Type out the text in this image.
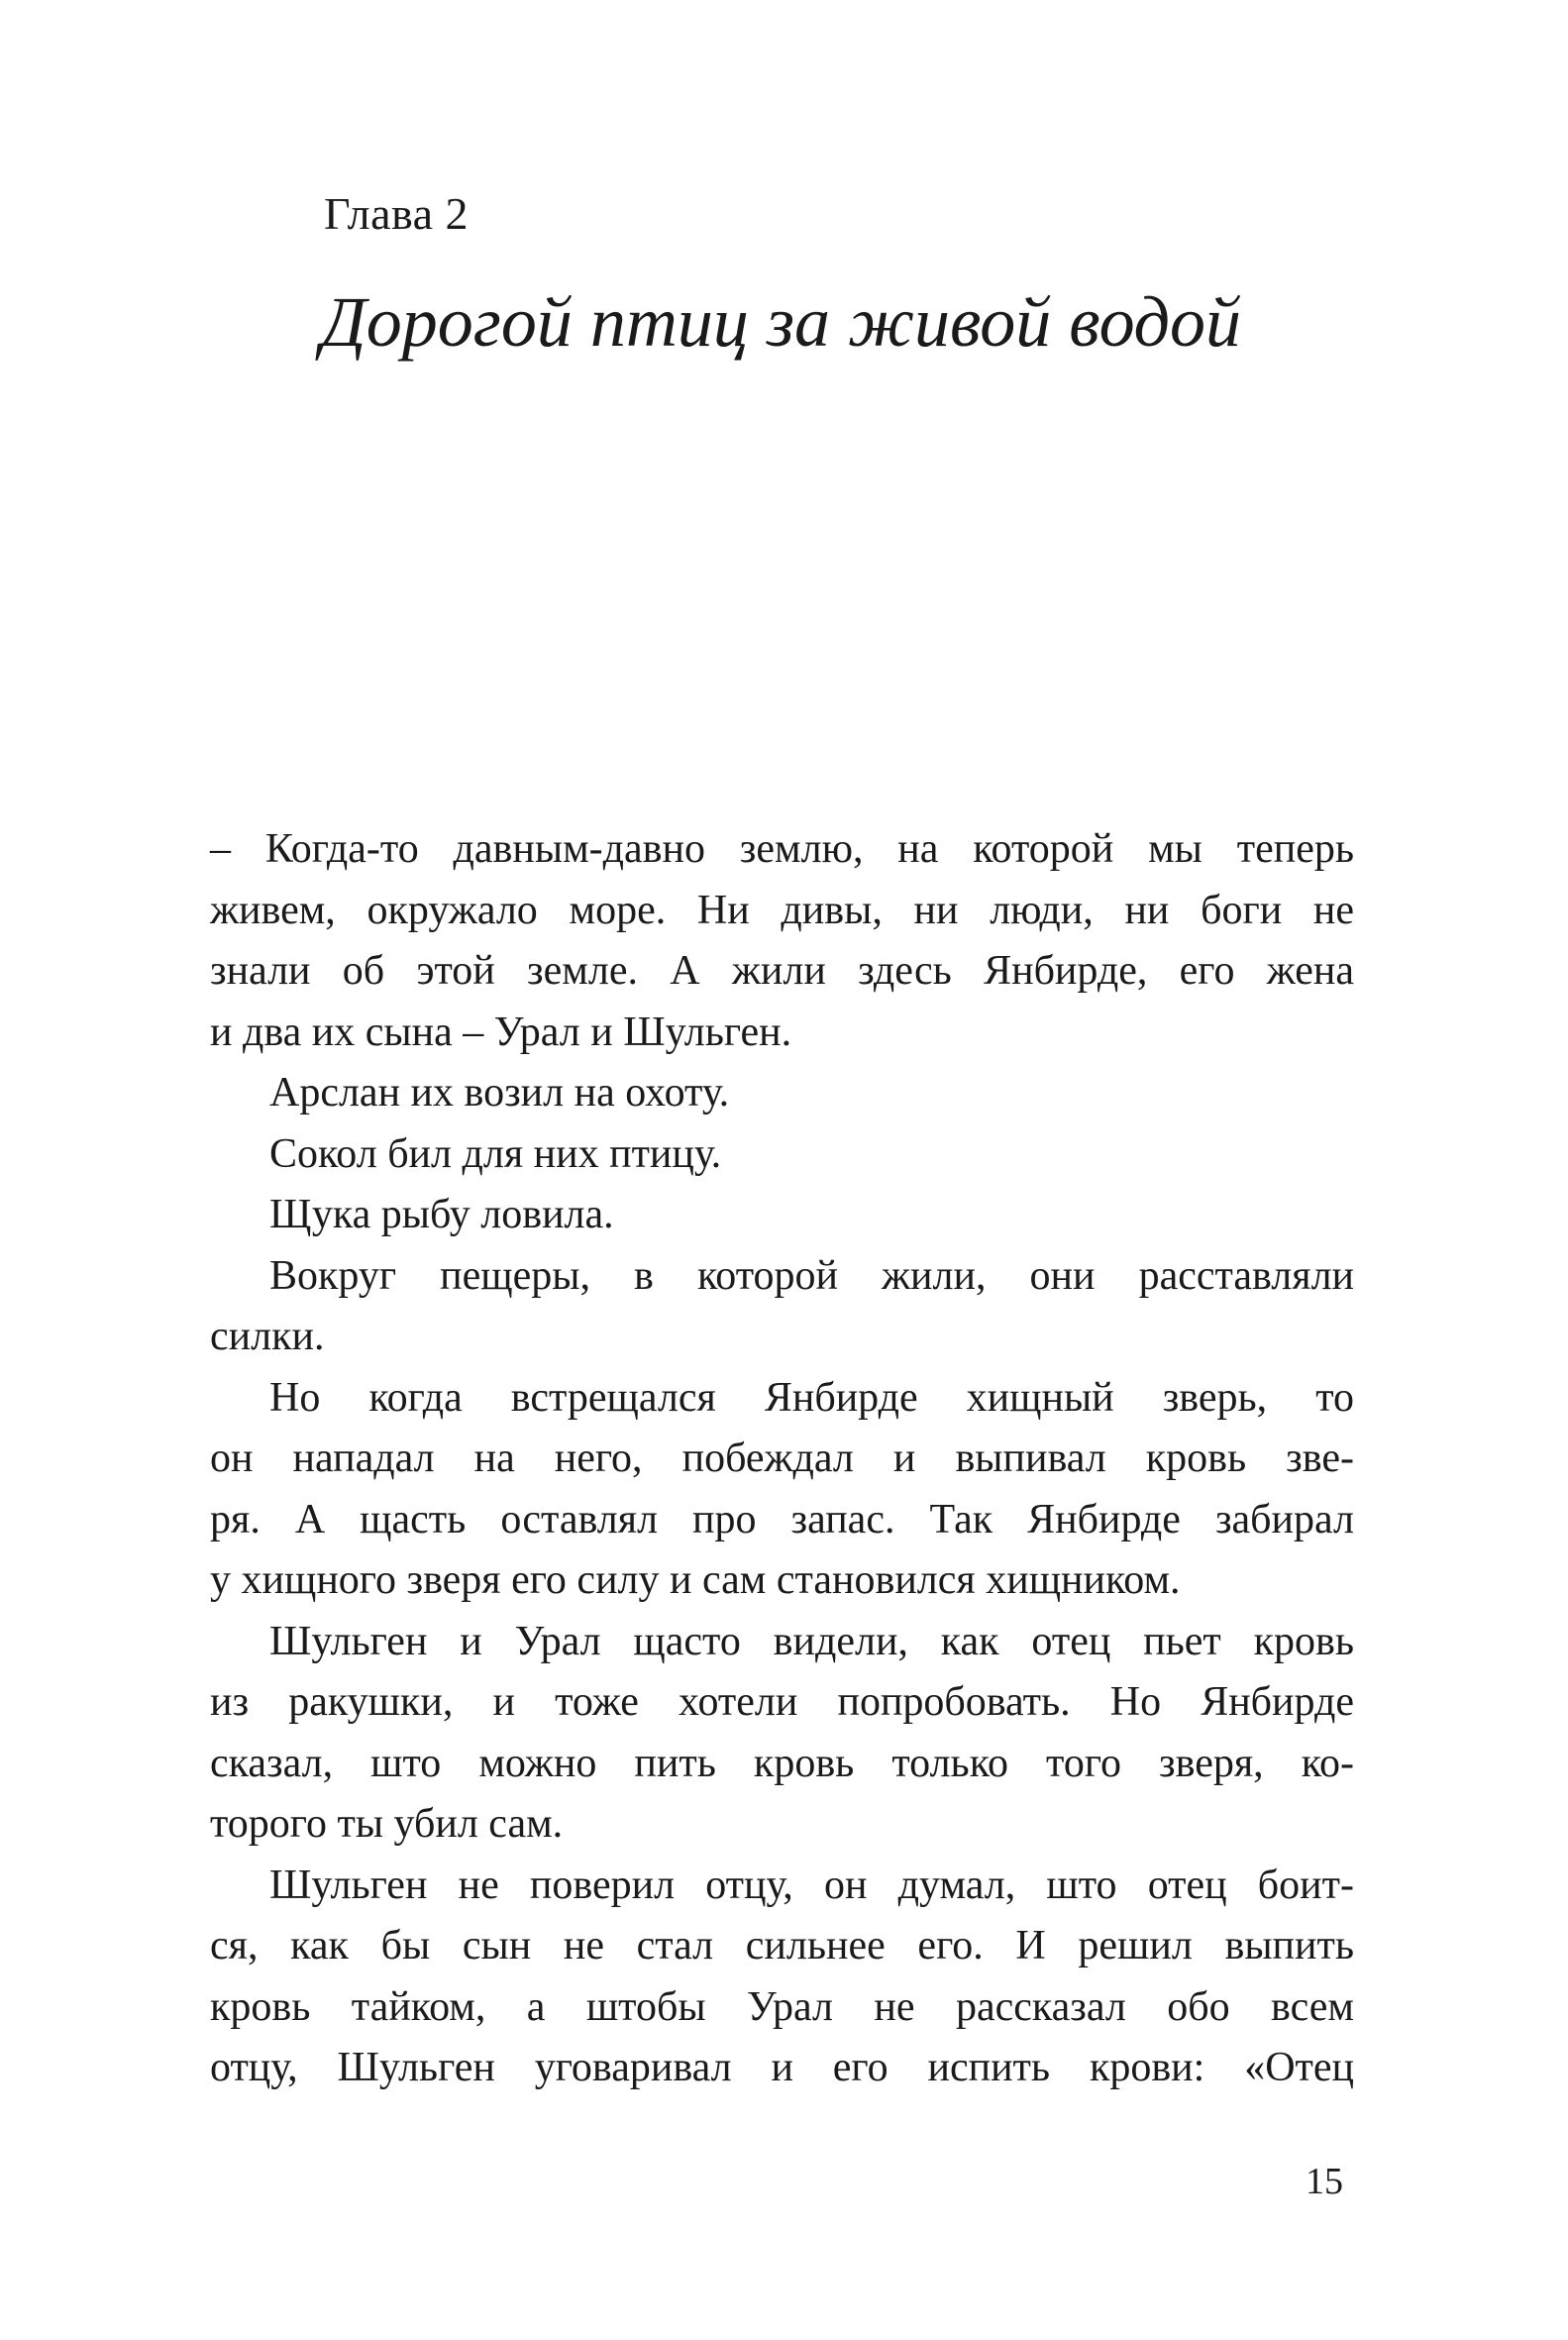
Глава 2
Дорогой птиц за живой водой
– Когда-то давным-давно землю, на которой мы теперь
живем, окружало море. Ни дивы, ни люди, ни боги не
знали об этой земле. А жили здесь Янбирде, его жена
и два их сына – Урал и Шульген.
Арслан их возил на охоту.
Сокол бил для них птицу.
Щука рыбу ловила.
Вокруг пещеры, в которой жили, они расставляли
силки.
Но когда встрещался Янбирде хищный зверь, то
он нападал на него, побеждал и выпивал кровь зве-
ря. А щасть оставлял про запас. Так Янбирде забирал
у хищного зверя его силу и сам становился хищником.
Шульген и Урал щасто видели, как отец пьет кровь
из ракушки, и тоже хотели попробовать. Но Янбирде
сказал, што можно пить кровь только того зверя, ко-
торого ты убил сам.
Шульген не поверил отцу, он думал, што отец боит-
ся, как бы сын не стал сильнее его. И решил выпить
кровь тайком, а штобы Урал не рассказал обо всем
отцу, Шульген уговаривал и его испить крови: «Отец
15
